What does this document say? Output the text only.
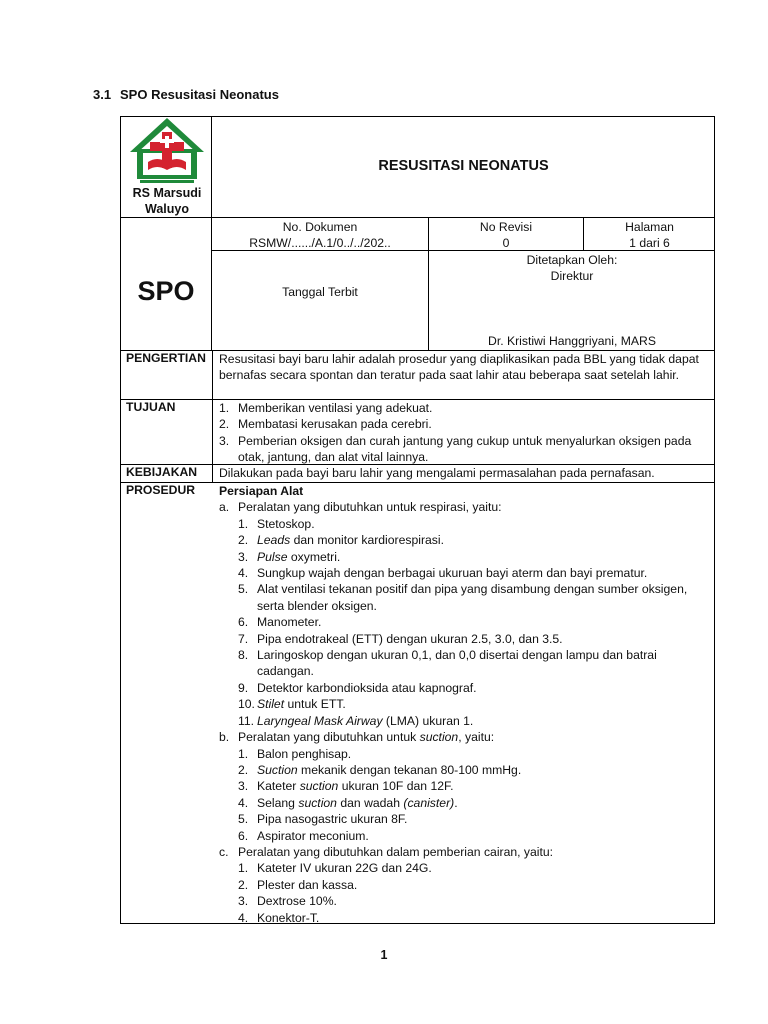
3.1 SPO Resusitasi Neonatus
RS Marsudi Waluyo
RESUSITASI NEONATUS
SPO
No. Dokumen
RSMW/....../A.1/0../../202..
No Revisi
0
Halaman
1 dari 6
Tanggal Terbit
Ditetapkan Oleh:
Direktur
Dr. Kristiwi Hanggriyani, MARS
PENGERTIAN Resusitasi bayi baru lahir adalah prosedur yang diaplikasikan pada BBL yang tidak dapat bernafas secara spontan dan teratur pada saat lahir atau beberapa saat setelah lahir.
TUJUAN	1. Memberikan ventilasi yang adekuat.
2. Membatasi kerusakan pada cerebri.
3. Pemberian oksigen dan curah jantung yang cukup untuk menyalurkan oksigen pada otak, jantung, dan alat vital lainnya.
KEBIJAKAN Dilakukan pada bayi baru lahir yang mengalami permasalahan pada pernafasan.
PROSEDUR Persiapan Alat
a. Peralatan yang dibutuhkan untuk respirasi, yaitu:
1. Stetoskop.
2. Leads dan monitor kardiorespirasi.
3. Pulse oxymetri.
4. Sungkup wajah dengan berbagai ukuruan bayi aterm dan bayi prematur.
5. Alat ventilasi tekanan positif dan pipa yang disambung dengan sumber oksigen, serta blender oksigen.
6. Manometer.
7. Pipa endotrakeal (ETT) dengan ukuran 2.5, 3.0, dan 3.5.
8. Laringoskop dengan ukuran 0,1, dan 0,0 disertai dengan lampu dan batrai cadangan.
9. Detektor karbondioksida atau kapnograf.
10. Stilet untuk ETT.
11. Laryngeal Mask Airway (LMA) ukuran 1.
b. Peralatan yang dibutuhkan untuk suction, yaitu:
1. Balon penghisap.
2. Suction mekanik dengan tekanan 80-100 mmHg.
3. Kateter suction ukuran 10F dan 12F.
4. Selang suction dan wadah (canister).
5. Pipa nasogastric ukuran 8F.
6. Aspirator meconium.
c. Peralatan yang dibutuhkan dalam pemberian cairan, yaitu:
1. Kateter IV ukuran 22G dan 24G.
2. Plester dan kassa.
3. Dextrose 10%.
4. Konektor-T.
1
